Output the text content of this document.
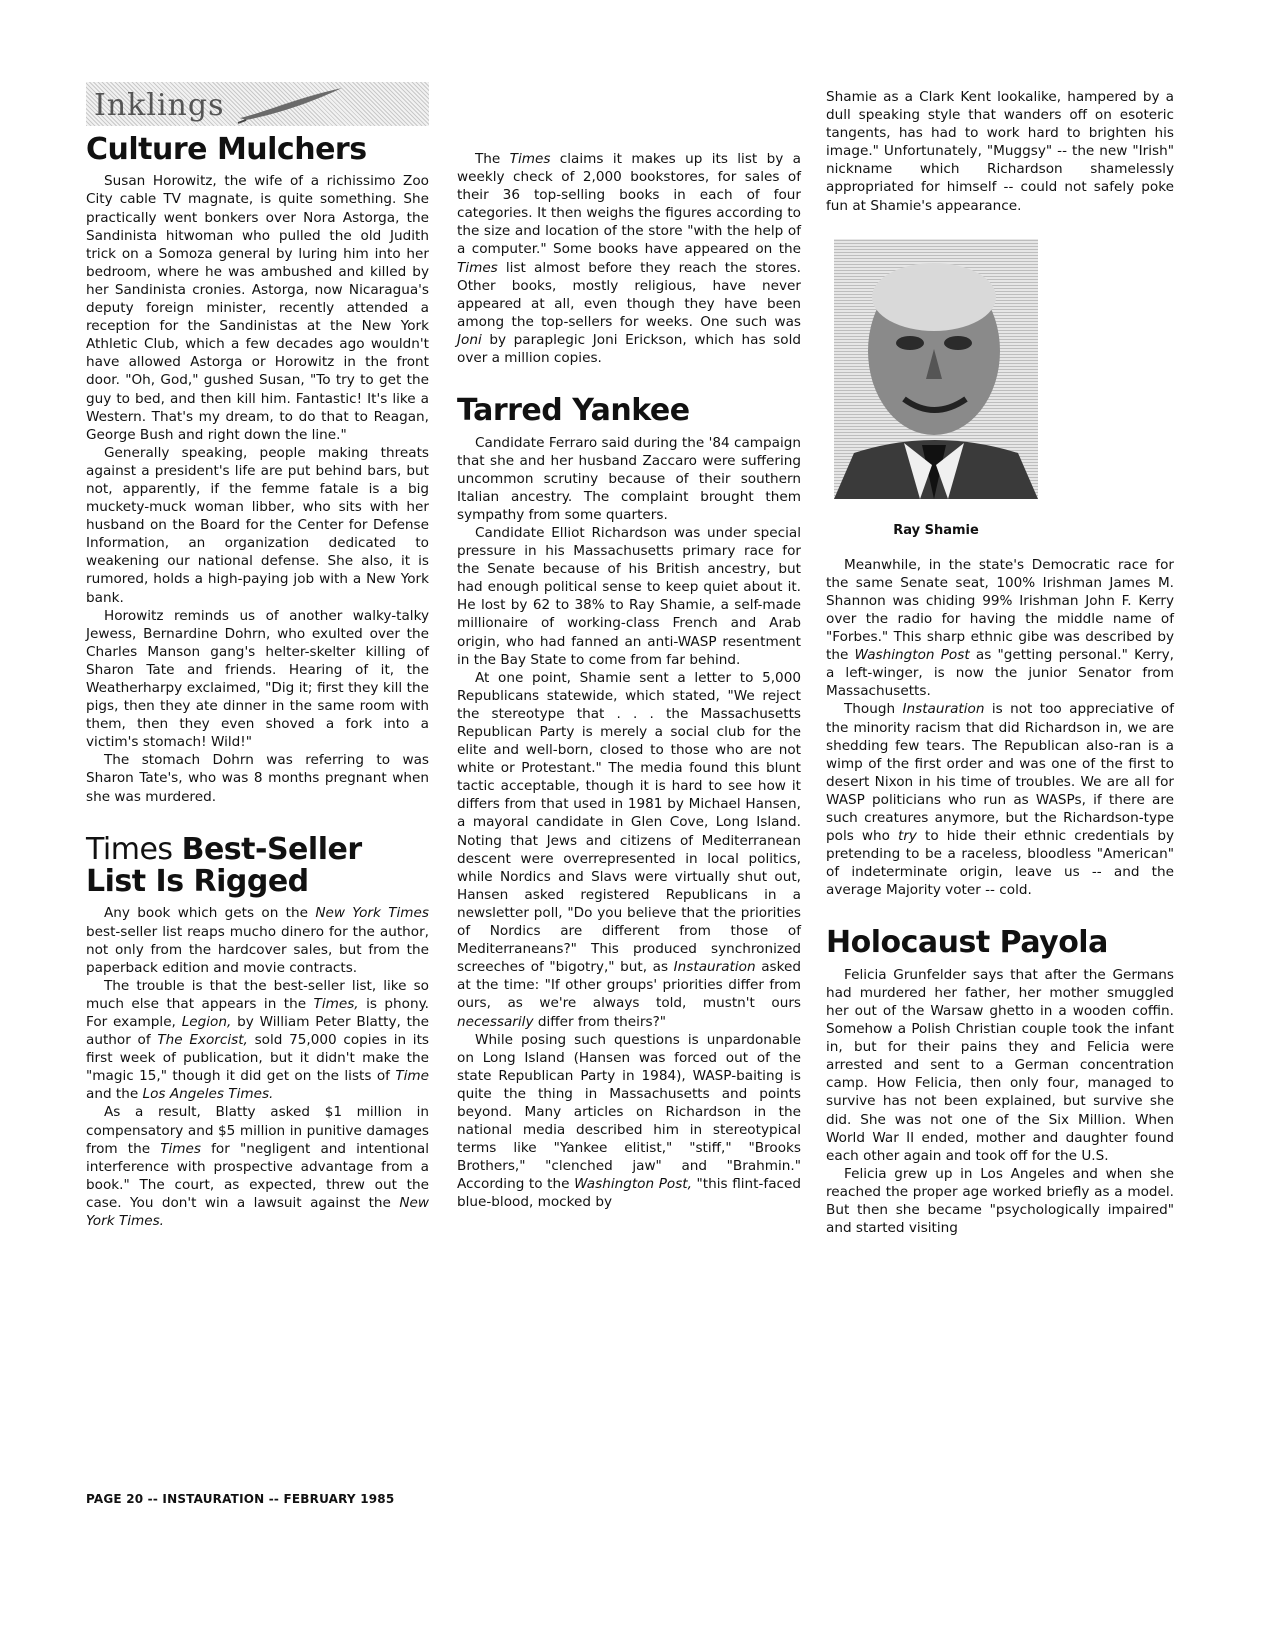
Inklings
Culture Mulchers

Susan Horowitz, the wife of a richissimo Zoo City cable TV magnate, is quite something. She practically went bonkers over Nora Astorga, the Sandinista hitwoman who pulled the old Judith trick on a Somoza general by luring him into her bedroom, where he was ambushed and killed by her Sandinista cronies. Astorga, now Nicaragua's deputy foreign minister, recently attended a reception for the Sandinistas at the New York Athletic Club, which a few decades ago wouldn't have allowed Astorga or Horowitz in the front door. "Oh, God," gushed Susan, "To try to get the guy to bed, and then kill him. Fantastic! It's like a Western. That's my dream, to do that to Reagan, George Bush and right down the line."

Generally speaking, people making threats against a president's life are put behind bars, but not, apparently, if the femme fatale is a big muckety-muck woman libber, who sits with her husband on the Board for the Center for Defense Information, an organization dedicated to weakening our national defense. She also, it is rumored, holds a high-paying job with a New York bank.

Horowitz reminds us of another walky-talky Jewess, Bernardine Dohrn, who exulted over the Charles Manson gang's helter-skelter killing of Sharon Tate and friends. Hearing of it, the Weatherharpy exclaimed, "Dig it; first they kill the pigs, then they ate dinner in the same room with them, then they even shoved a fork into a victim's stomach! Wild!"

The stomach Dohrn was referring to was Sharon Tate's, who was 8 months pregnant when she was murdered.

Times Best-Seller
List Is Rigged

Any book which gets on the New York Times best-seller list reaps mucho dinero for the author, not only from the hardcover sales, but from the paperback edition and movie contracts.

The trouble is that the best-seller list, like so much else that appears in the Times, is phony. For example, Legion, by William Peter Blatty, the author of The Exorcist, sold 75,000 copies in its first week of publication, but it didn't make the "magic 15," though it did get on the lists of Time and the Los Angeles Times.

As a result, Blatty asked $1 million in compensatory and $5 million in punitive damages from the Times for "negligent and intentional interference with prospective advantage from a book." The court, as expected, threw out the case. You don't win a lawsuit against the New York Times.

The Times claims it makes up its list by a weekly check of 2,000 bookstores, for sales of their 36 top-selling books in each of four categories. It then weighs the figures according to the size and location of the store "with the help of a computer." Some books have appeared on the Times list almost before they reach the stores. Other books, mostly religious, have never appeared at all, even though they have been among the top-sellers for weeks. One such was Joni by paraplegic Joni Erickson, which has sold over a million copies.

Tarred Yankee

Candidate Ferraro said during the '84 campaign that she and her husband Zaccaro were suffering uncommon scrutiny because of their southern Italian ancestry. The complaint brought them sympathy from some quarters.

Candidate Elliot Richardson was under special pressure in his Massachusetts primary race for the Senate because of his British ancestry, but had enough political sense to keep quiet about it. He lost by 62 to 38% to Ray Shamie, a self-made millionaire of working-class French and Arab origin, who had fanned an anti-WASP resentment in the Bay State to come from far behind.

At one point, Shamie sent a letter to 5,000 Republicans statewide, which stated, "We reject the stereotype that . . . the Massachusetts Republican Party is merely a social club for the elite and well-born, closed to those who are not white or Protestant." The media found this blunt tactic acceptable, though it is hard to see how it differs from that used in 1981 by Michael Hansen, a mayoral candidate in Glen Cove, Long Island. Noting that Jews and citizens of Mediterranean descent were overrepresented in local politics, while Nordics and Slavs were virtually shut out, Hansen asked registered Republicans in a newsletter poll, "Do you believe that the priorities of Nordics are different from those of Mediterraneans?" This produced synchronized screeches of "bigotry," but, as Instauration asked at the time: "If other groups' priorities differ from ours, as we're always told, mustn't ours necessarily differ from theirs?"

While posing such questions is unpardonable on Long Island (Hansen was forced out of the state Republican Party in 1984), WASP-baiting is quite the thing in Massachusetts and points beyond. Many articles on Richardson in the national media described him in stereotypical terms like "Yankee elitist," "stiff," "Brooks Brothers," "clenched jaw" and "Brahmin." According to the Washington Post, "this flint-faced blue-blood, mocked by

Shamie as a Clark Kent lookalike, hampered by a dull speaking style that wanders off on esoteric tangents, has had to work hard to brighten his image." Unfortunately, "Muggsy" -- the new "Irish" nickname which Richardson shamelessly appropriated for himself -- could not safely poke fun at Shamie's appearance.

Ray Shamie

Meanwhile, in the state's Democratic race for the same Senate seat, 100% Irishman James M. Shannon was chiding 99% Irishman John F. Kerry over the radio for having the middle name of "Forbes." This sharp ethnic gibe was described by the Washington Post as "getting personal." Kerry, a left-winger, is now the junior Senator from Massachusetts.

Though Instauration is not too appreciative of the minority racism that did Richardson in, we are shedding few tears. The Republican also-ran is a wimp of the first order and was one of the first to desert Nixon in his time of troubles. We are all for WASP politicians who run as WASPs, if there are such creatures anymore, but the Richardson-type pols who try to hide their ethnic credentials by pretending to be a raceless, bloodless "American" of indeterminate origin, leave us -- and the average Majority voter -- cold.

Holocaust Payola

Felicia Grunfelder says that after the Germans had murdered her father, her mother smuggled her out of the Warsaw ghetto in a wooden coffin. Somehow a Polish Christian couple took the infant in, but for their pains they and Felicia were arrested and sent to a German concentration camp. How Felicia, then only four, managed to survive has not been explained, but survive she did. She was not one of the Six Million. When World War II ended, mother and daughter found each other again and took off for the U.S.

Felicia grew up in Los Angeles and when she reached the proper age worked briefly as a model. But then she became "psychologically impaired" and started visiting

PAGE 20 -- INSTAURATION -- FEBRUARY 1985
